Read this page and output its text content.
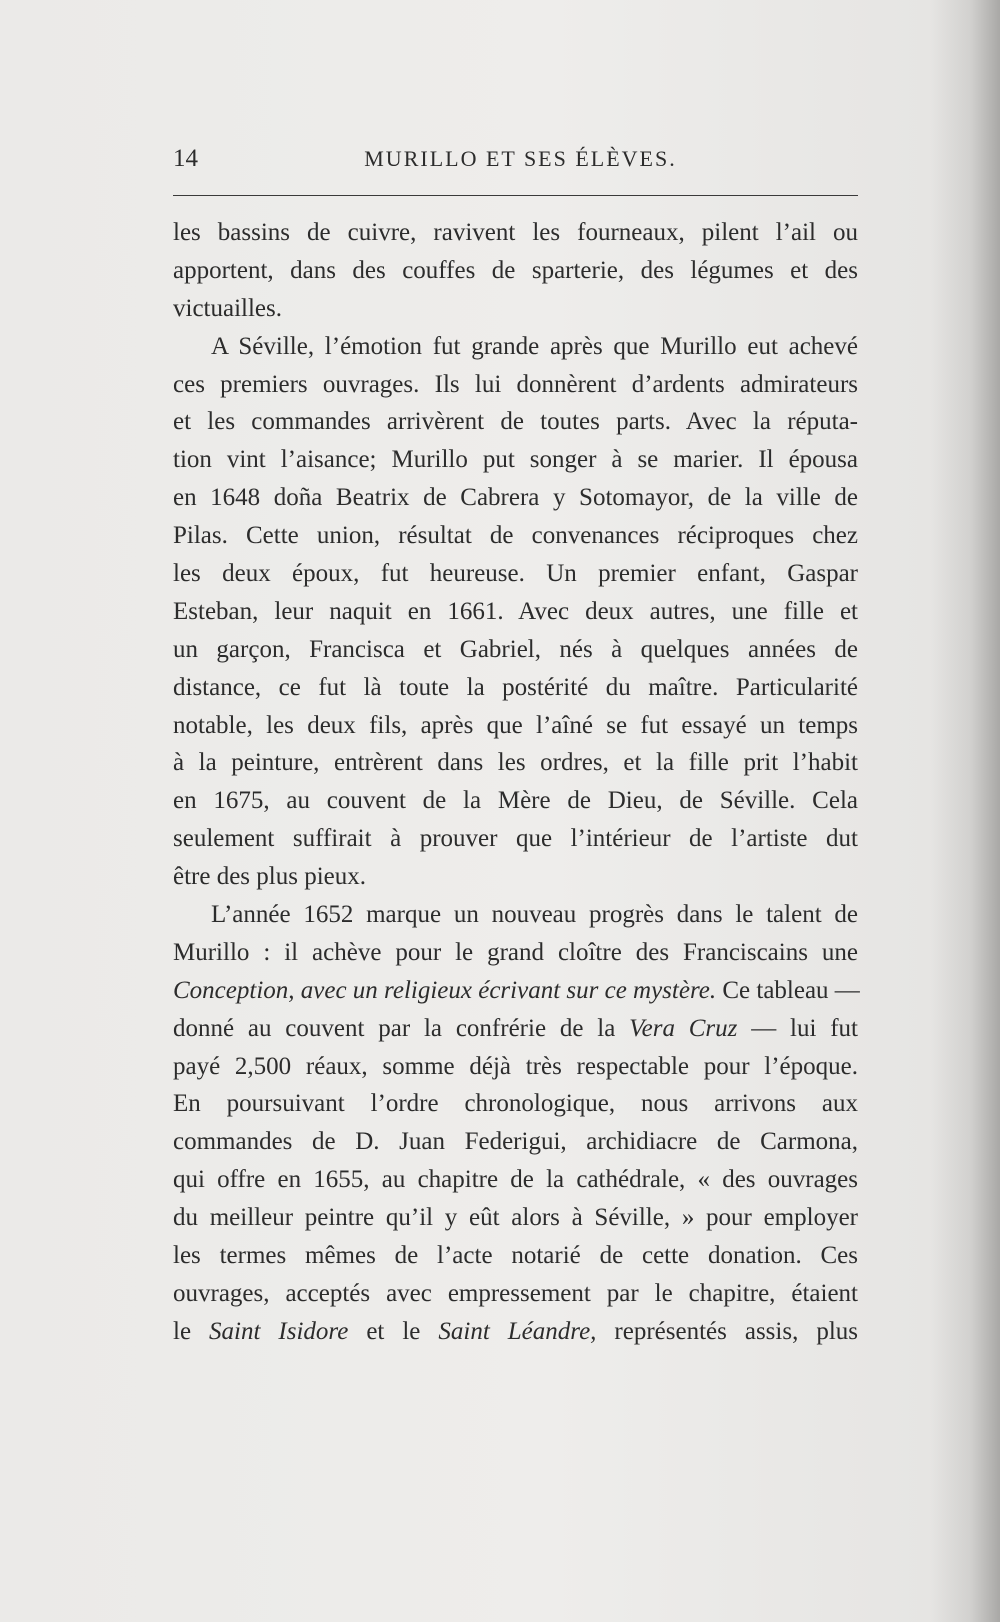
14	MURILLO ET SES ÉLÈVES.
les bassins de cuivre, ravivent les fourneaux, pilent l’ail ou
apportent, dans des couffes de sparterie, des légumes et des
victuailles.
A Séville, l’émotion fut grande après que Murillo eut achevé
ces premiers ouvrages. Ils lui donnèrent d’ardents admirateurs
et les commandes arrivèrent de toutes parts. Avec la réputa-
tion vint l’aisance; Murillo put songer à se marier. Il épousa
en 1648 doña Beatrix de Cabrera y Sotomayor, de la ville de
Pilas. Cette union, résultat de convenances réciproques chez
les deux époux, fut heureuse. Un premier enfant, Gaspar
Esteban, leur naquit en 1661. Avec deux autres, une fille et
un garçon, Francisca et Gabriel, nés à quelques années de
distance, ce fut là toute la postérité du maître. Particularité
notable, les deux fils, après que l’aîné se fut essayé un temps
à la peinture, entrèrent dans les ordres, et la fille prit l’habit
en 1675, au couvent de la Mère de Dieu, de Séville. Cela
seulement suffirait à prouver que l’intérieur de l’artiste dut
être des plus pieux.
L’année 1652 marque un nouveau progrès dans le talent de
Murillo : il achève pour le grand cloître des Franciscains une
Conception, avec un religieux écrivant sur ce mystère. Ce tableau —
donné au couvent par la confrérie de la Vera Cruz — lui fut
payé 2,500 réaux, somme déjà très respectable pour l’époque.
En poursuivant l’ordre chronologique, nous arrivons aux
commandes de D. Juan Federigui, archidiacre de Carmona,
qui offre en 1655, au chapitre de la cathédrale, « des ouvrages
du meilleur peintre qu’il y eût alors à Séville, » pour employer
les termes mêmes de l’acte notarié de cette donation. Ces
ouvrages, acceptés avec empressement par le chapitre, étaient
le Saint Isidore et le Saint Léandre, représentés assis, plus
